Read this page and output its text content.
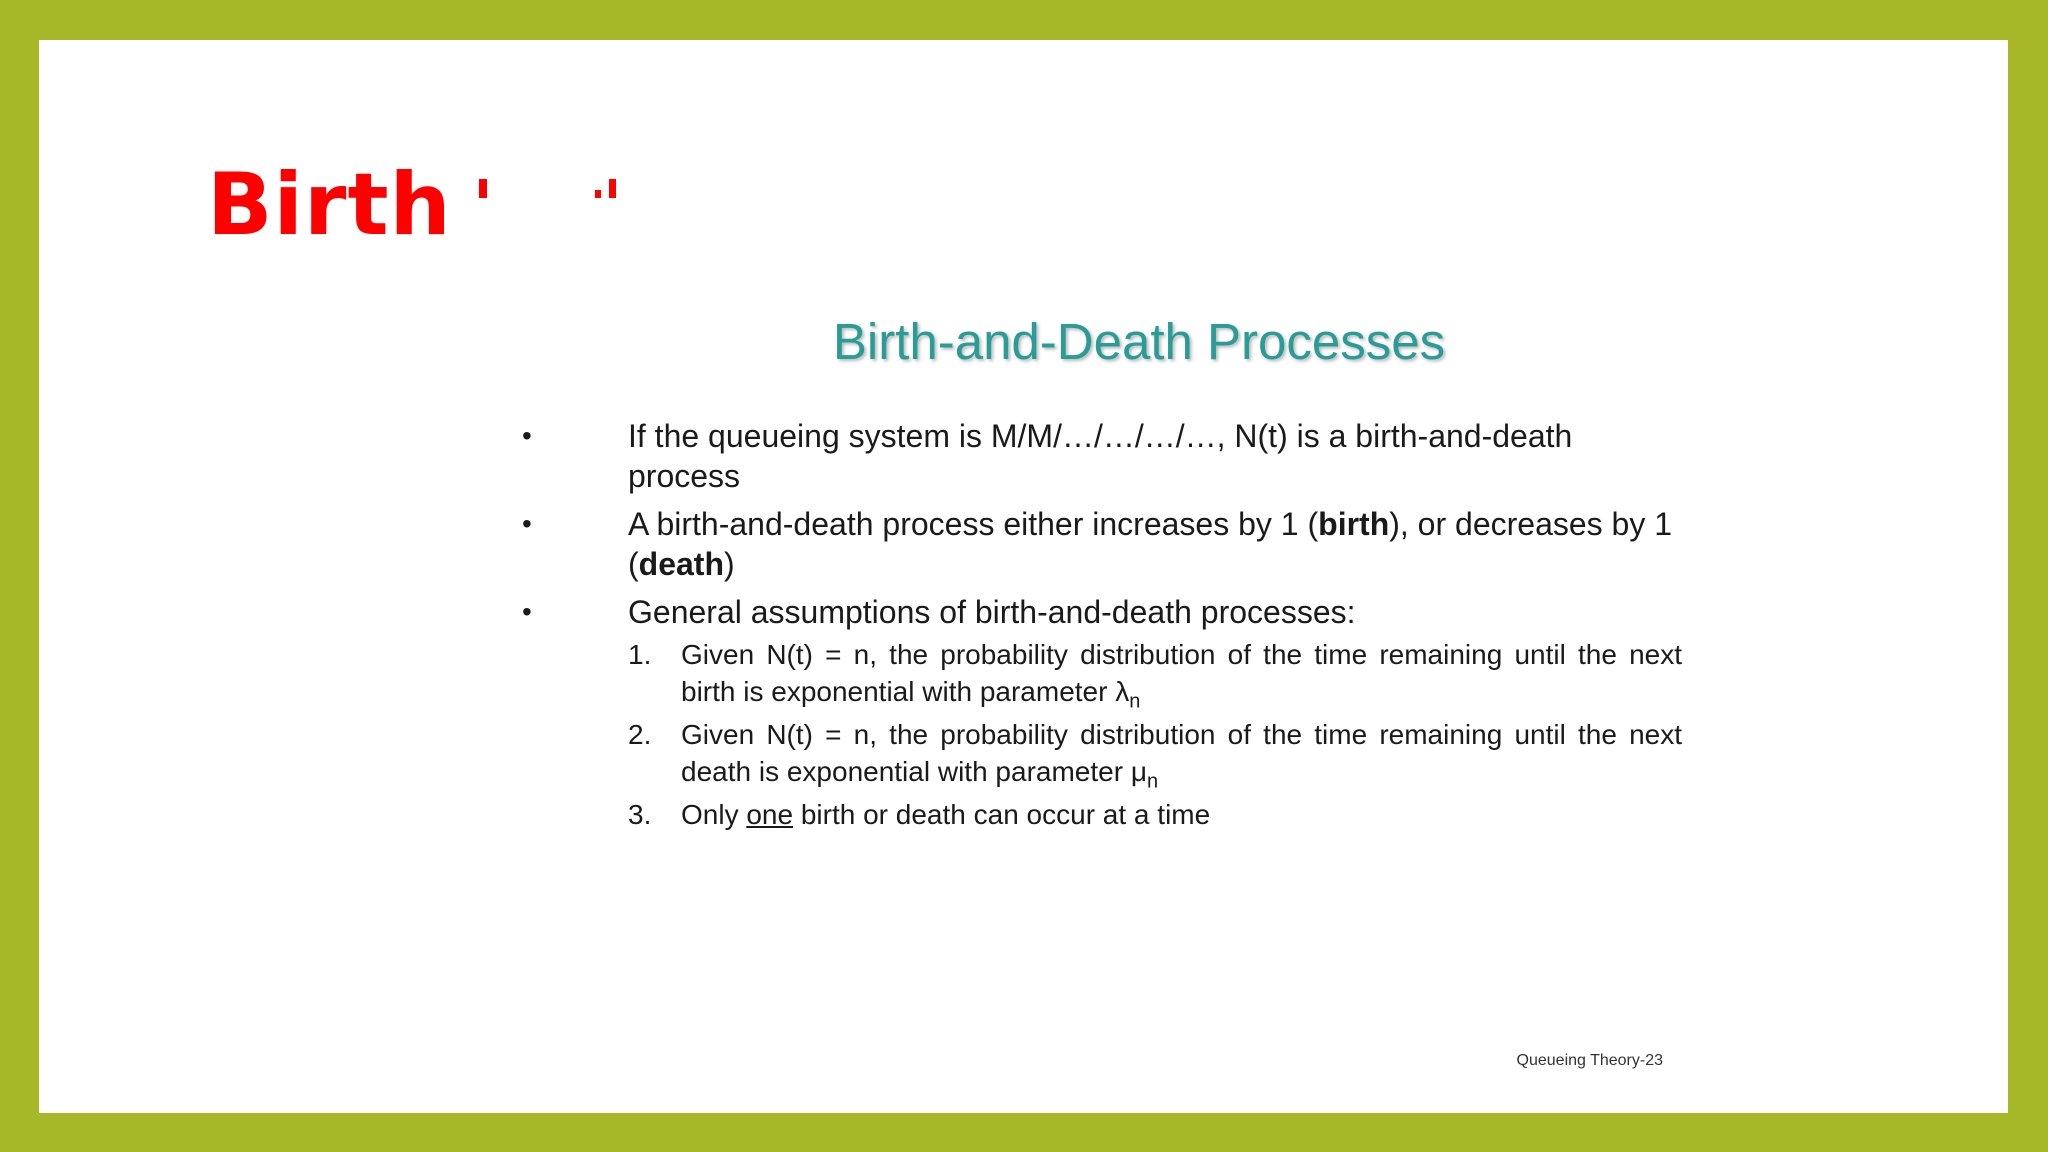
Birth
Birth-and-Death Processes
•	If the queueing system is M/M/…/…/…/…, N(t) is a birth-and-death process
•	A birth-and-death process either increases by 1 (birth), or decreases by 1 (death)
•	General assumptions of birth-and-death processes:
1. Given N(t) = n, the probability distribution of the time remaining until the next birth is exponential with parameter $\lambda_n$
2. Given N(t) = n, the probability distribution of the time remaining until the next death is exponential with parameter $\mu_n$
3. Only one birth or death can occur at a time
Queueing Theory-23
